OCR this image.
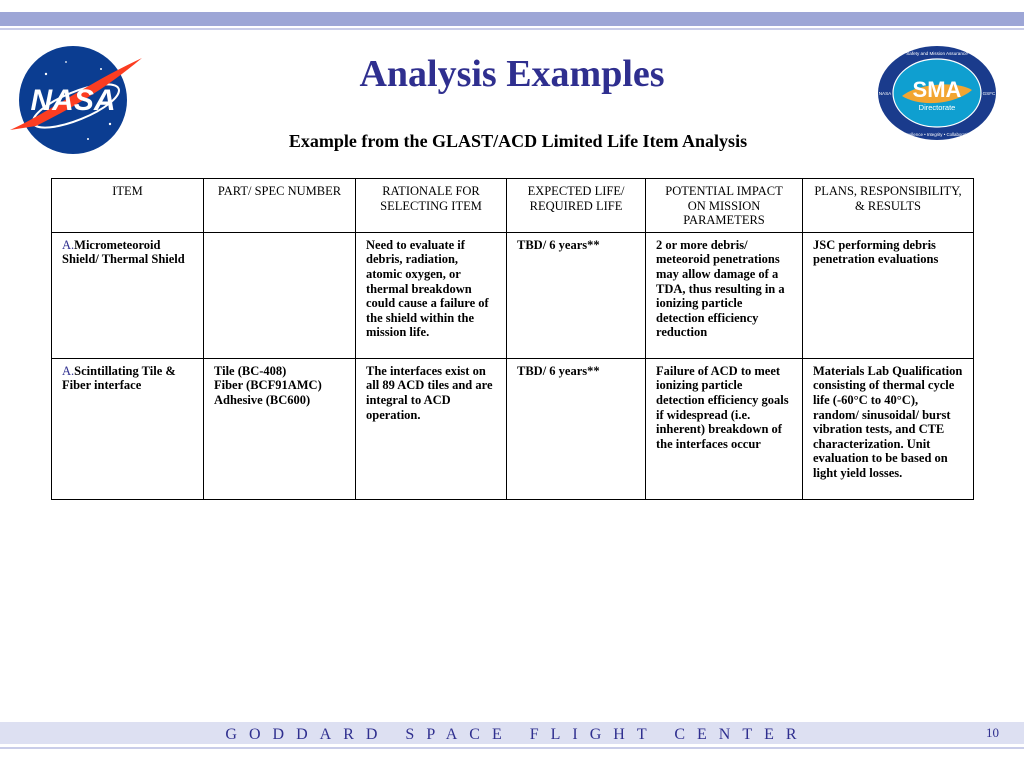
NASA	SMA
Directorate
Safety and Mission Assurance
NASA	GSFC
Excellence • Integrity • Collaboration
Analysis Examples
Example from the GLAST/ACD Limited Life Item Analysis
ITEM	PART/ SPEC NUMBER	RATIONALE FOR SELECTING ITEM	EXPECTED LIFE/ REQUIRED LIFE	POTENTIAL IMPACT ON MISSION PARAMETERS	PLANS, RESPONSIBILITY, & RESULTS
A.Micrometeoroid Shield/ Thermal Shield		Need to evaluate if debris, radiation, atomic oxygen, or thermal breakdown could cause a failure of the shield within the mission life.	TBD/ 6 years**	2 or more debris/ meteoroid penetrations may allow damage of a TDA, thus resulting in a ionizing particle detection efficiency reduction	JSC performing debris penetration evaluations
A.Scintillating Tile & Fiber interface	Tile (BC-408)
Fiber (BCF91AMC)
Adhesive (BC600)	The interfaces exist on all 89 ACD tiles and are integral to ACD operation.	TBD/ 6 years**	Failure of ACD to meet ionizing particle detection efficiency goals if widespread (i.e. inherent) breakdown of the interfaces occur	Materials Lab Qualification consisting of thermal cycle life (-60°C to 40°C), random/ sinusoidal/ burst vibration tests, and CTE characterization. Unit evaluation to be based on light yield losses.
GODDARD SPACE FLIGHT CENTER	10
